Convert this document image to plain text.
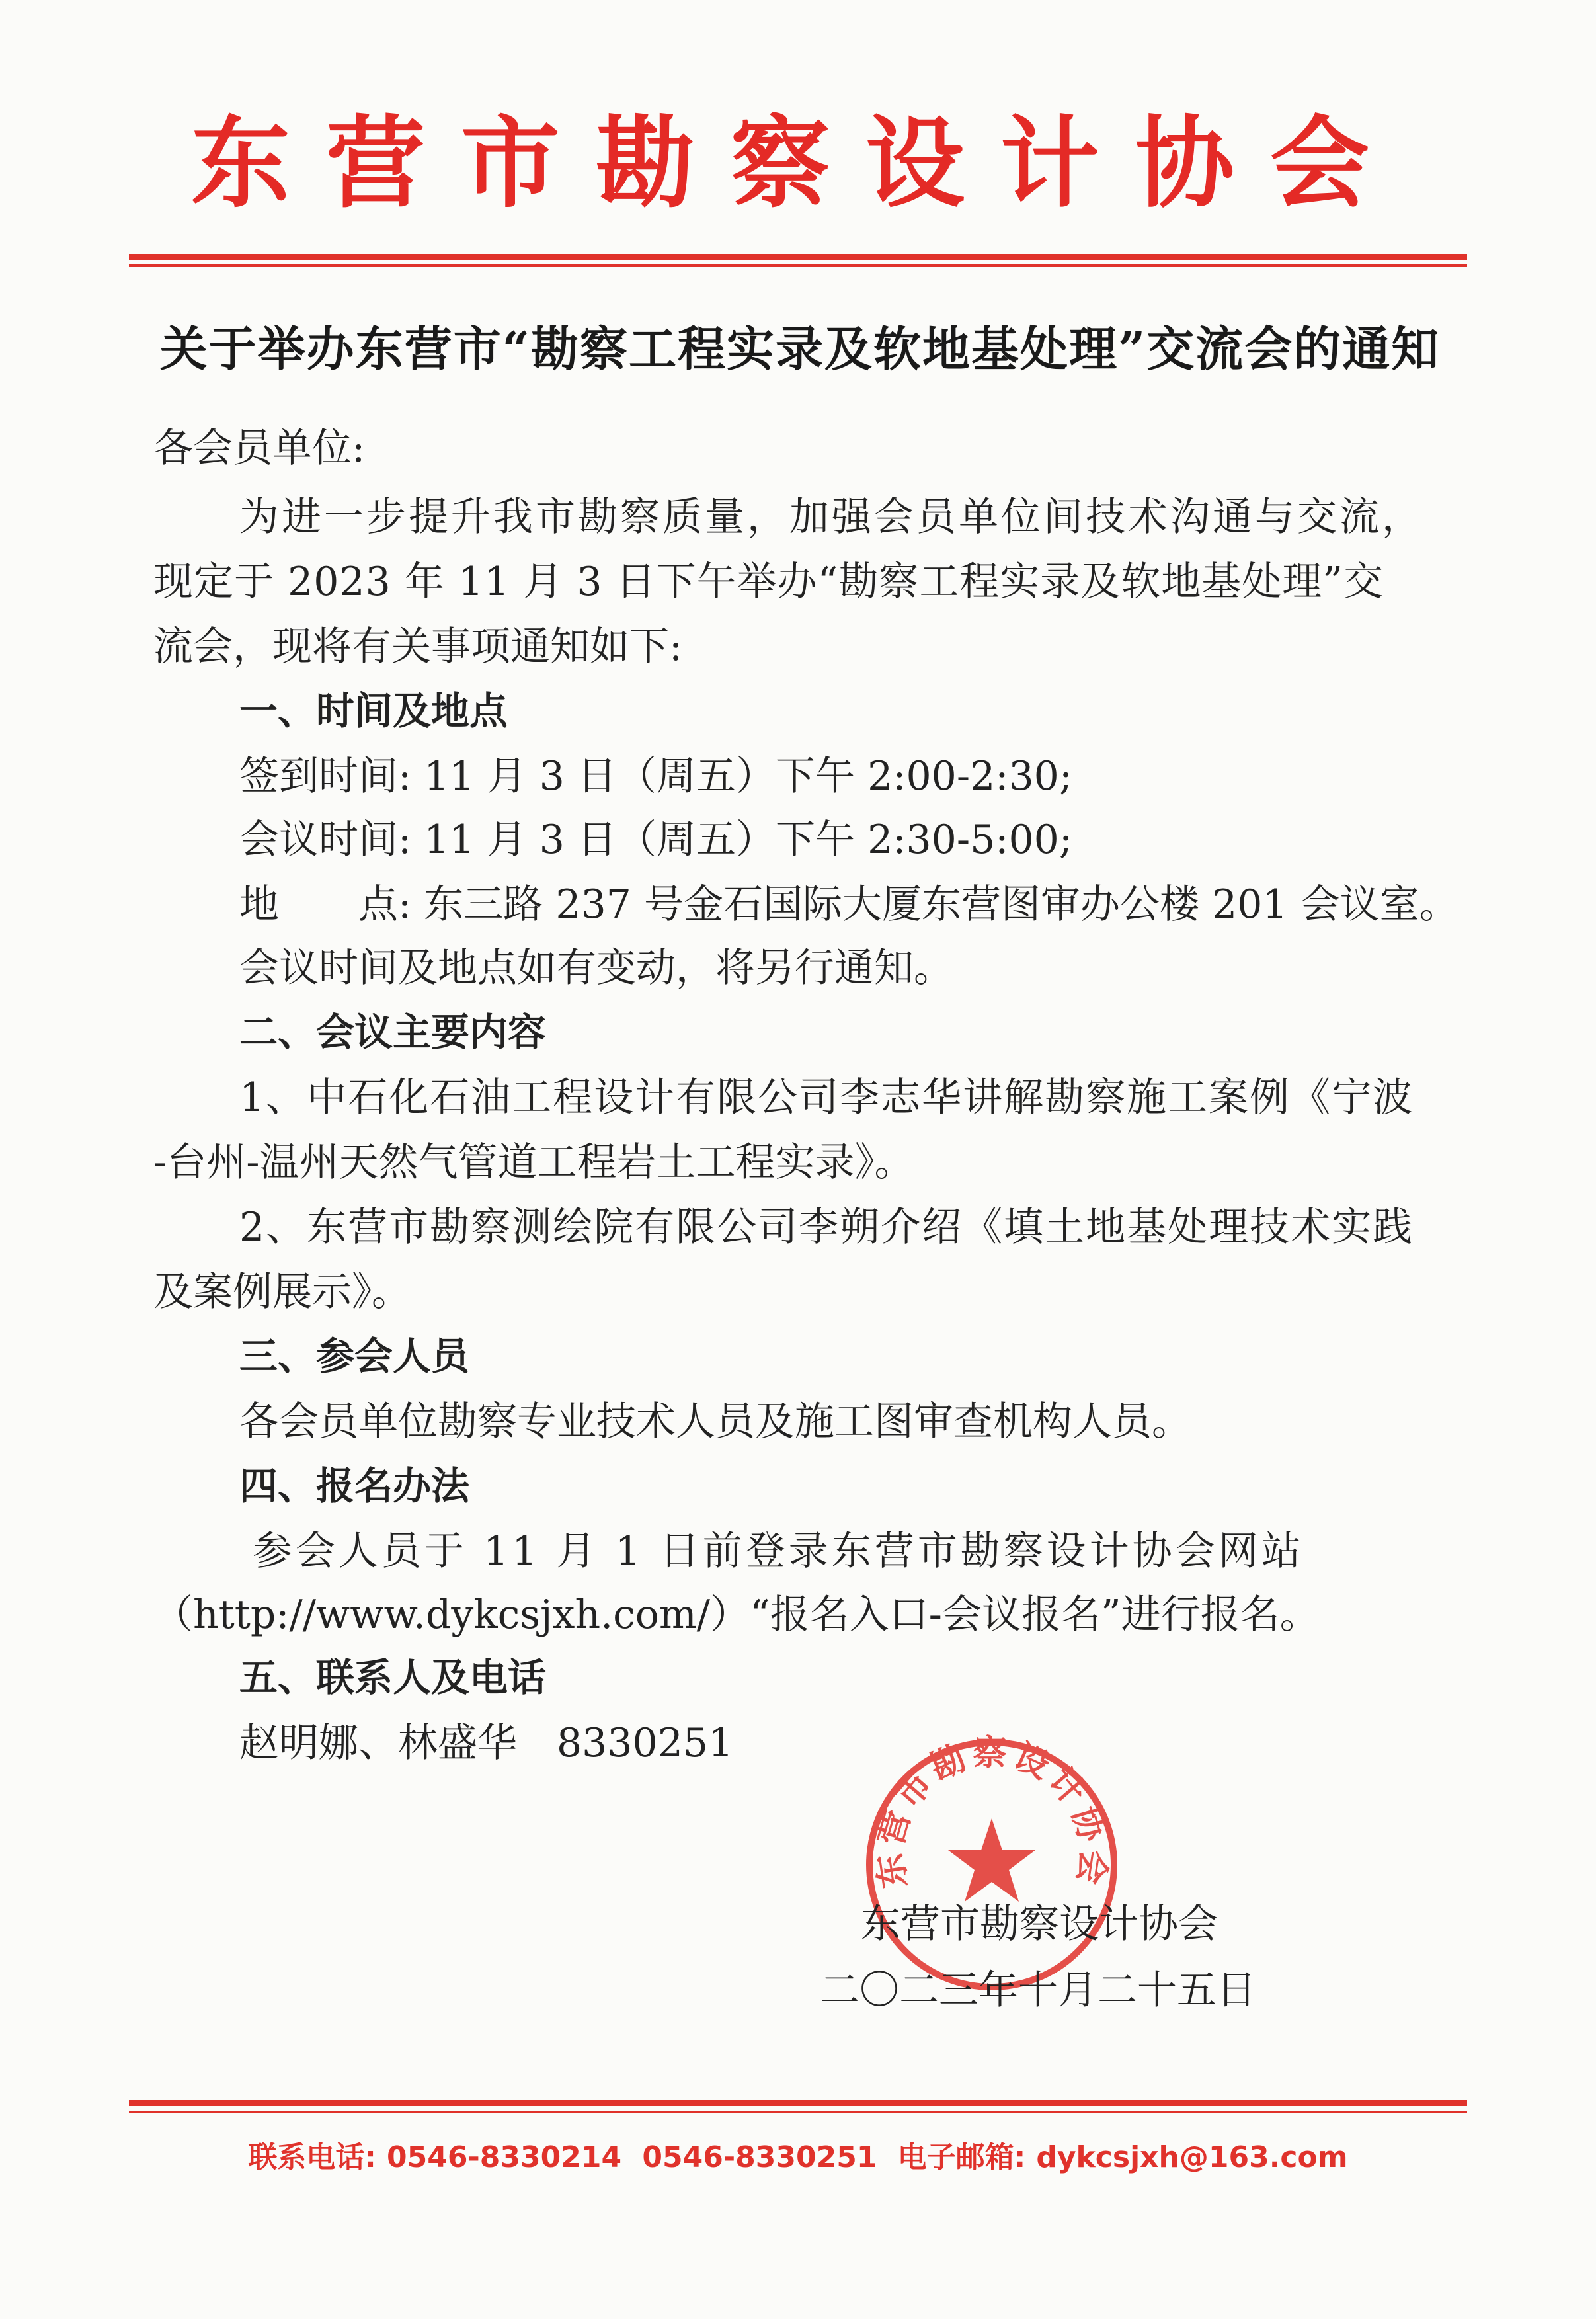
东营市勘察设计协会
关于举办东营市“勘察工程实录及软地基处理”交流会的通知
各会员单位:
为进一步提升我市勘察质量，加强会员单位间技术沟通与交流，
现定于 2023 年 11 月 3 日下午举办“勘察工程实录及软地基处理”交
流会，现将有关事项通知如下:
一、时间及地点
签到时间: 11 月 3 日（周五）下午 2:00-2:30;
会议时间: 11 月 3 日（周五）下午 2:30-5:00;
地　　点: 东三路 237 号金石国际大厦东营图审办公楼 201 会议室。
会议时间及地点如有变动，将另行通知。
二、会议主要内容
1、中石化石油工程设计有限公司李志华讲解勘察施工案例《宁波
-台州-温州天然气管道工程岩土工程实录》。
2、东营市勘察测绘院有限公司李朔介绍《填土地基处理技术实践
及案例展示》。
三、参会人员
各会员单位勘察专业技术人员及施工图审查机构人员。
四、报名办法
参会人员于 11 月 1 日前登录东营市勘察设计协会网站
（http://www.dykcsjxh.com/）“报名入口-会议报名”进行报名。
五、联系人及电话
赵明娜、林盛华　8330251
东营市勘察设计协会
东营市勘察设计协会
二〇二三年十月二十五日
联系电话: 0546-8330214 0546-8330251 电子邮箱: dykcsjxh@163.com
